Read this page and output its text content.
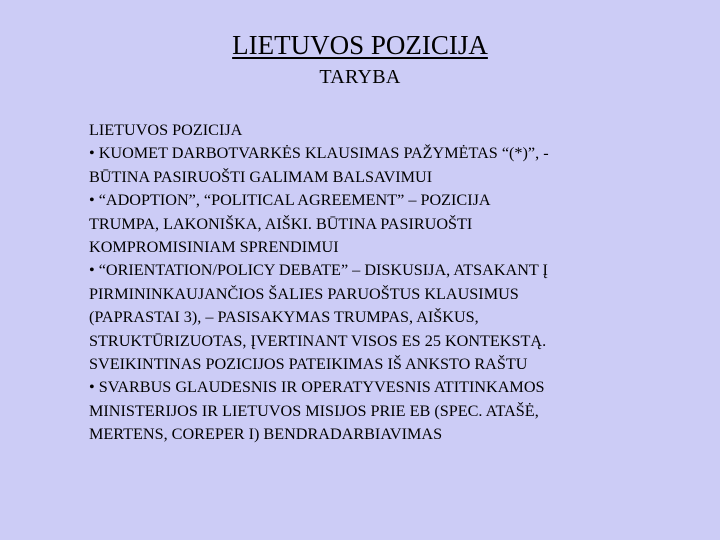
LIETUVOS POZICIJA
TARYBA
LIETUVOS POZICIJA
• KUOMET DARBOTVARKĖS KLAUSIMAS PAŽYMĖTAS “(*)”, -
BŪTINA PASIRUOŠTI GALIMAM BALSAVIMUI
• “ADOPTION”, “POLITICAL AGREEMENT” – POZICIJA
TRUMPA, LAKONIŠKA, AIŠKI. BŪTINA PASIRUOŠTI
KOMPROMISINIAM SPRENDIMUI
• “ORIENTATION/POLICY DEBATE” – DISKUSIJA, ATSAKANT Į
PIRMININKAUJANČIOS ŠALIES PARUOŠTUS KLAUSIMUS
(PAPRASTAI 3), – PASISAKYMAS TRUMPAS, AIŠKUS,
STRUKTŪRIZUOTAS, ĮVERTINANT VISOS ES 25 KONTEKSTĄ.
SVEIKINTINAS POZICIJOS PATEIKIMAS IŠ ANKSTO RAŠTU
• SVARBUS GLAUDESNIS IR OPERATYVESNIS ATITINKAMOS
MINISTERIJOS IR LIETUVOS MISIJOS PRIE EB (SPEC. ATAŠĖ,
MERTENS, COREPER I) BENDRADARBIAVIMAS
